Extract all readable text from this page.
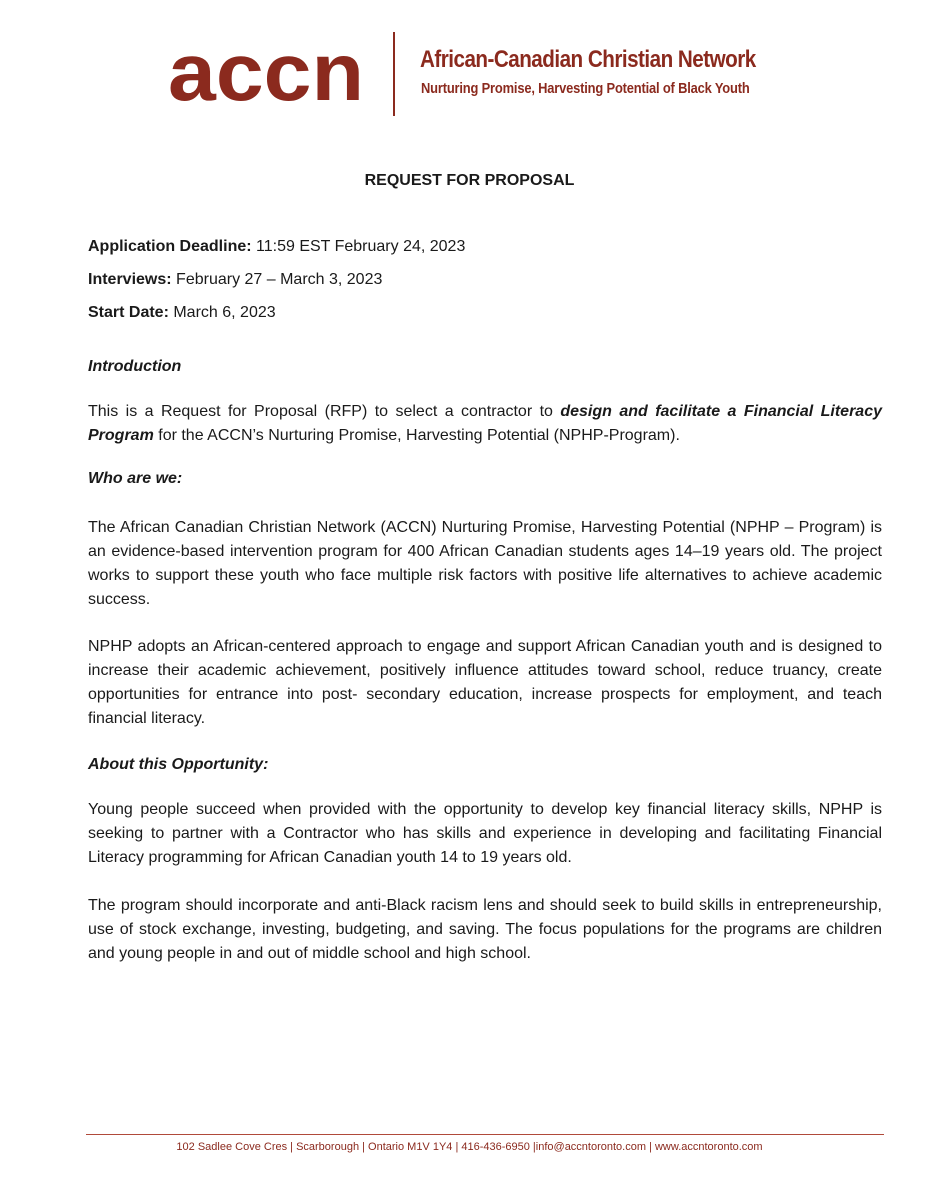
accn African-Canadian Christian Network
Nurturing Promise, Harvesting Potential of Black Youth
REQUEST FOR PROPOSAL
Application Deadline: 11:59 EST February 24, 2023
Interviews: February 27 – March 3, 2023
Start Date: March 6, 2023
Introduction
This is a Request for Proposal (RFP) to select a contractor to design and facilitate a Financial Literacy Program for the ACCN’s Nurturing Promise, Harvesting Potential (NPHP-Program).
Who are we:
The African Canadian Christian Network (ACCN) Nurturing Promise, Harvesting Potential (NPHP – Program) is an evidence-based intervention program for 400 African Canadian students ages 14–19 years old. The project works to support these youth who face multiple risk factors with positive life alternatives to achieve academic success.
NPHP adopts an African-centered approach to engage and support African Canadian youth and is designed to increase their academic achievement, positively influence attitudes toward school, reduce truancy, create opportunities for entrance into post- secondary education, increase prospects for employment, and teach financial literacy.
About this Opportunity:
Young people succeed when provided with the opportunity to develop key financial literacy skills, NPHP is seeking to partner with a Contractor who has skills and experience in developing and facilitating Financial Literacy programming for African Canadian youth 14 to 19 years old.
The program should incorporate and anti-Black racism lens and should seek to build skills in entrepreneurship, use of stock exchange, investing, budgeting, and saving. The focus populations for the programs are children and young people in and out of middle school and high school.
102 Sadlee Cove Cres | Scarborough | Ontario M1V 1Y4 | 416-436-6950 |info@accntoronto.com | www.accntoronto.com
